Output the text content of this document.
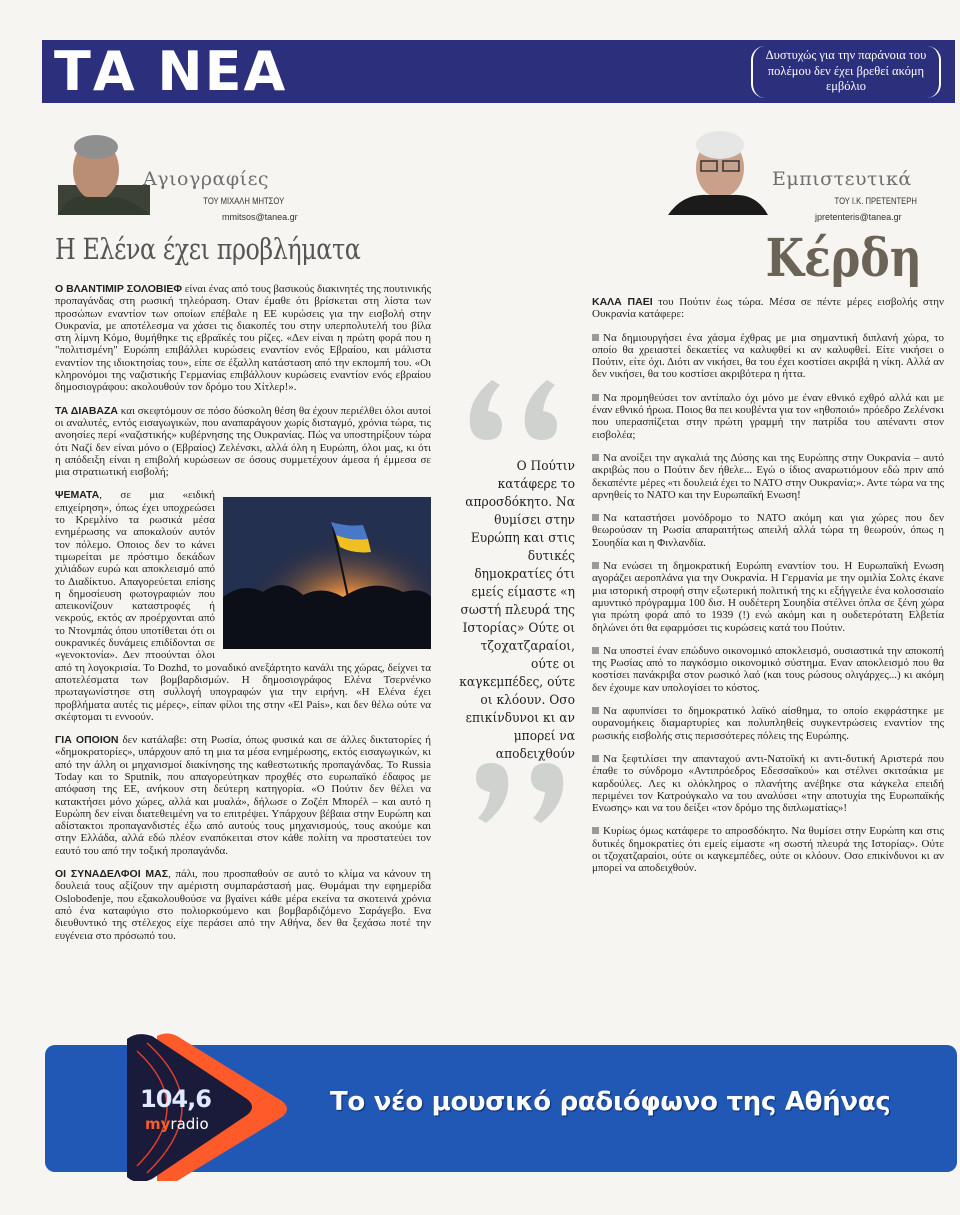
ΤΑ ΝΕΑ	Δυστυχώς για την παράνοια του πολέμου δεν έχει βρεθεί ακόμη εμβόλιο
Αγιογραφίες
ΤΟΥ ΜΙΧΑΛΗ ΜΗΤΣΟΥ
mmitsos@tanea.gr
Η Ελένα έχει προβλήματα

Ο ΒΛΑΝΤΙΜΙΡ ΣΟΛΟΒΙΕΦ είναι ένας από τους βασικούς διακινητές της πουτινικής προπαγάνδας στη ρωσική τηλεόραση. Οταν έμαθε ότι βρίσκεται στη λίστα των προσώπων εναντίον των οποίων επέβαλε η ΕΕ κυρώσεις για την εισβολή στην Ουκρανία, με αποτέλεσμα να χάσει τις διακοπές του στην υπερπολυτελή του βίλα στη λίμνη Κόμο, θυμήθηκε τις εβραϊκές του ρίζες. «Δεν είναι η πρώτη φορά που η "πολιτισμένη" Ευρώπη επιβάλλει κυρώσεις εναντίον ενός Εβραίου, και μάλιστα εναντίον της ιδιοκτησίας του», είπε σε έξαλλη κατάσταση από την εκπομπή του. «Οι κληρονόμοι της ναζιστικής Γερμανίας επιβάλλουν κυρώσεις εναντίον ενός εβραίου δημοσιογράφου: ακολουθούν τον δρόμο του Χίτλερ!».

ΤΑ ΔΙΑΒΑΖΑ και σκεφτόμουν σε πόσο δύσκολη θέση θα έχουν περιέλθει όλοι αυτοί οι αναλυτές, εντός εισαγωγικών, που αναπαράγουν χωρίς δισταγμό, χρόνια τώρα, τις ανοησίες περί «ναζιστικής» κυβέρνησης της Ουκρανίας. Πώς να υποστηρίξουν τώρα ότι Ναζί δεν είναι μόνο ο (Εβραίος) Ζελένσκι, αλλά όλη η Ευρώπη, όλοι μας, κι ότι η απόδειξη είναι η επιβολή κυρώσεων σε όσους συμμετέχουν άμεσα ή έμμεσα σε μια στρατιωτική εισβολή;

ΨΕΜΑΤΑ, σε μια «ειδική επιχείρηση», όπως έχει υποχρεώσει το Κρεμλίνο τα ρωσικά μέσα ενημέρωσης να αποκαλούν αυτόν τον πόλεμο. Οποιος δεν το κάνει τιμωρείται με πρόστιμο δεκάδων χιλιάδων ευρώ και αποκλεισμό από το Διαδίκτυο. Απαγορεύεται επίσης η δημοσίευση φωτογραφιών που απεικονίζουν καταστροφές ή νεκρούς, εκτός αν προέρχονται από το Ντονμπάς όπου υποτίθεται ότι οι ουκρανικές δυνάμεις επιδίδονται σε «γενοκτονία». Δεν πτοούνται όλοι από τη λογοκρισία. Το Dozhd, το μοναδικό ανεξάρτητο κανάλι της χώρας, δείχνει τα αποτελέσματα των βομβαρδισμών. Η δημοσιογράφος Ελένα Τσερνένκο πρωταγωνίστησε στη συλλογή υπογραφών για την ειρήνη. «Η Ελένα έχει προβλήματα αυτές τις μέρες», είπαν φίλοι της στην «El Pais», και δεν θέλω ούτε να σκέφτομαι τι εννοούν.

ΓΙΑ ΟΠΟΙΟΝ δεν κατάλαβε: στη Ρωσία, όπως φυσικά και σε άλλες δικτατορίες ή «δημοκρατορίες», υπάρχουν από τη μια τα μέσα ενημέρωσης, εκτός εισαγωγικών, κι από την άλλη οι μηχανισμοί διακίνησης της καθεστωτικής προπαγάνδας. Το Russia Today και το Sputnik, που απαγορεύτηκαν προχθές στο ευρωπαϊκό έδαφος με απόφαση της ΕΕ, ανήκουν στη δεύτερη κατηγορία. «Ο Πούτιν δεν θέλει να κατακτήσει μόνο χώρες, αλλά και μυαλά», δήλωσε ο Ζοζέπ Μπορέλ – και αυτό η Ευρώπη δεν είναι διατεθειμένη να το επιτρέψει. Υπάρχουν βέβαια στην Ευρώπη και αδίστακτοι προπαγανδιστές έξω από αυτούς τους μηχανισμούς, τους ακούμε και στην Ελλάδα, αλλά εδώ πλέον εναπόκειται στον κάθε πολίτη να προστατεύει τον εαυτό του από την τοξική προπαγάνδα.

ΟΙ ΣΥΝΑΔΕΛΦΟΙ ΜΑΣ, πάλι, που προσπαθούν σε αυτό το κλίμα να κάνουν τη δουλειά τους αξίζουν την αμέριστη συμπαράστασή μας. Θυμάμαι την εφημερίδα Oslobođenje, που εξακολουθούσε να βγαίνει κάθε μέρα εκείνα τα σκοτεινά χρόνια από ένα καταφύγιο στο πολιορκούμενο και βομβαρδιζόμενο Σαράγεβο. Ενα διευθυντικό της στέλεχος είχε περάσει από την Αθήνα, δεν θα ξεχάσω ποτέ την ευγένεια στο πρόσωπό του.

Ο Πούτιν κατάφερε το απροσδόκητο. Να θυμίσει στην Ευρώπη και στις δυτικές δημοκρατίες ότι εμείς είμαστε «η σωστή πλευρά της Ιστορίας» Ούτε οι τζοχατζαραίοι, ούτε οι καγκεμπέδες, ούτε οι κλόουν. Οσο επικίνδυνοι κι αν μπορεί να αποδειχθούν
Εμπιστευτικά
ΤΟΥ Ι.Κ. ΠΡΕΤΕΝΤΕΡΗ
jpretenteris@tanea.gr
Κέρδη

ΚΑΛΑ ΠΑΕΙ του Πούτιν έως τώρα. Μέσα σε πέντε μέρες εισβολής στην Ουκρανία κατάφερε:

Να δημιουργήσει ένα χάσμα έχθρας με μια σημαντική διπλανή χώρα, το οποίο θα χρειαστεί δεκαετίες να καλυφθεί κι αν καλυφθεί. Είτε νικήσει ο Πούτιν, είτε όχι. Διότι αν νικήσει, θα του έχει κοστίσει ακριβά η νίκη. Αλλά αν δεν νικήσει, θα του κοστίσει ακριβότερα η ήττα.

Να προμηθεύσει τον αντίπαλο όχι μόνο με έναν εθνικό εχθρό αλλά και με έναν εθνικό ήρωα. Ποιος θα πει κουβέντα για τον «ηθοποιό» πρόεδρο Ζελένσκι που υπερασπίζεται στην πρώτη γραμμή την πατρίδα του απέναντι στον εισβολέα;

Να ανοίξει την αγκαλιά της Δύσης και της Ευρώπης στην Ουκρανία – αυτό ακριβώς που ο Πούτιν δεν ήθελε... Εγώ ο ίδιος αναρωτιόμουν εδώ πριν από δεκαπέντε μέρες «τι δουλειά έχει το ΝΑΤΟ στην Ουκρανία;». Αντε τώρα να της αρνηθείς το ΝΑΤΟ και την Ευρωπαϊκή Ενωση!

Να καταστήσει μονόδρομο το ΝΑΤΟ ακόμη και για χώρες που δεν θεωρούσαν τη Ρωσία απαραιτήτως απειλή αλλά τώρα τη θεωρούν, όπως η Σουηδία και η Φινλανδία.

Να ενώσει τη δημοκρατική Ευρώπη εναντίον του. Η Ευρωπαϊκή Ενωση αγοράζει αεροπλάνα για την Ουκρανία. Η Γερμανία με την ομιλία Σολτς έκανε μια ιστορική στροφή στην εξωτερική πολιτική της κι εξήγγειλε ένα κολοσσιαίο αμυντικό πρόγραμμα 100 δισ. Η ουδέτερη Σουηδία στέλνει όπλα σε ξένη χώρα για πρώτη φορά από το 1939 (!) ενώ ακόμη και η ουδετερότατη Ελβετία δηλώνει ότι θα εφαρμόσει τις κυρώσεις κατά του Πούτιν.

Να υποστεί έναν επώδυνο οικονομικό αποκλεισμό, ουσιαστικά την αποκοπή της Ρωσίας από το παγκόσμιο οικονομικό σύστημα. Εναν αποκλεισμό που θα κοστίσει πανάκριβα στον ρωσικό λαό (και τους ρώσους ολιγάρχες...) κι ακόμη δεν έχουμε καν υπολογίσει το κόστος.

Να αφυπνίσει το δημοκρατικό λαϊκό αίσθημα, το οποίο εκφράστηκε με ουρανομήκεις διαμαρτυρίες και πολυπληθείς συγκεντρώσεις εναντίον της ρωσικής εισβολής στις περισσότερες πόλεις της Ευρώπης.

Να ξεφτιλίσει την απανταχού αντι-Νατοϊκή κι αντι-δυτική Αριστερά που έπαθε το σύνδρομο «Αντιπρόεδρος Εδεσσαϊκού» και στέλνει σκιτσάκια με καρδούλες. Λες κι ολόκληρος ο πλανήτης ανέβηκε στα κάγκελα επειδή περιμένει τον Κατρούγκαλο να του αναλύσει «την αποτυχία της Ευρωπαϊκής Ενωσης» και να του δείξει «τον δρόμο της διπλωματίας»!

Κυρίως όμως κατάφερε το απροσδόκητο. Να θυμίσει στην Ευρώπη και στις δυτικές δημοκρατίες ότι εμείς είμαστε «η σωστή πλευρά της Ιστορίας». Ούτε οι τζοχατζαραίοι, ούτε οι καγκεμπέδες, ούτε οι κλόουν. Οσο επικίνδυνοι κι αν μπορεί να αποδειχθούν.

104,6
myradio
Το νέο μουσικό ραδιόφωνο της Αθήνας
